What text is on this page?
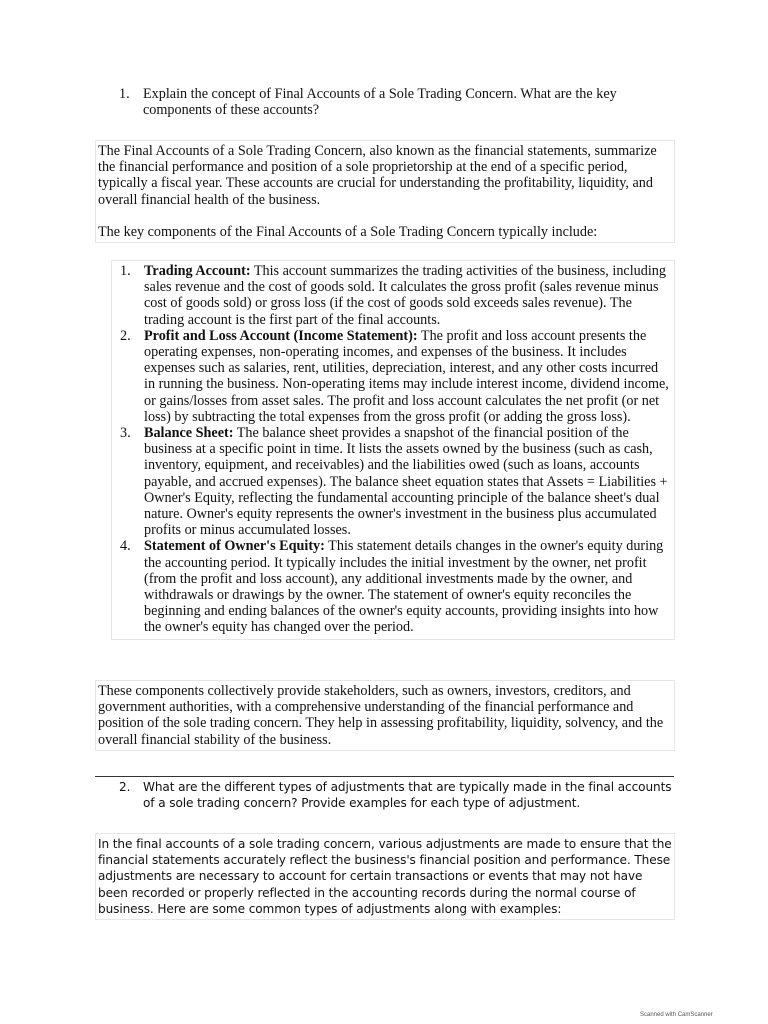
1. Explain the concept of Final Accounts of a Sole Trading Concern. What are the key components of these accounts?

The Final Accounts of a Sole Trading Concern, also known as the financial statements, summarize the financial performance and position of a sole proprietorship at the end of a specific period, typically a fiscal year. These accounts are crucial for understanding the profitability, liquidity, and overall financial health of the business.

The key components of the Final Accounts of a Sole Trading Concern typically include:

1. Trading Account: This account summarizes the trading activities of the business, including sales revenue and the cost of goods sold. It calculates the gross profit (sales revenue minus cost of goods sold) or gross loss (if the cost of goods sold exceeds sales revenue). The trading account is the first part of the final accounts.
2. Profit and Loss Account (Income Statement): The profit and loss account presents the operating expenses, non-operating incomes, and expenses of the business. It includes expenses such as salaries, rent, utilities, depreciation, interest, and any other costs incurred in running the business. Non-operating items may include interest income, dividend income, or gains/losses from asset sales. The profit and loss account calculates the net profit (or net loss) by subtracting the total expenses from the gross profit (or adding the gross loss).
3. Balance Sheet: The balance sheet provides a snapshot of the financial position of the business at a specific point in time. It lists the assets owned by the business (such as cash, inventory, equipment, and receivables) and the liabilities owed (such as loans, accounts payable, and accrued expenses). The balance sheet equation states that Assets = Liabilities + Owner's Equity, reflecting the fundamental accounting principle of the balance sheet's dual nature. Owner's equity represents the owner's investment in the business plus accumulated profits or minus accumulated losses.
4. Statement of Owner's Equity: This statement details changes in the owner's equity during the accounting period. It typically includes the initial investment by the owner, net profit (from the profit and loss account), any additional investments made by the owner, and withdrawals or drawings by the owner. The statement of owner's equity reconciles the beginning and ending balances of the owner's equity accounts, providing insights into how the owner's equity has changed over the period.

These components collectively provide stakeholders, such as owners, investors, creditors, and government authorities, with a comprehensive understanding of the financial performance and position of the sole trading concern. They help in assessing profitability, liquidity, solvency, and the overall financial stability of the business.

2.	What are the different types of adjustments that are typically made in the final accounts of a sole trading concern? Provide examples for each type of adjustment.

In the final accounts of a sole trading concern, various adjustments are made to ensure that the financial statements accurately reflect the business's financial position and performance. These adjustments are necessary to account for certain transactions or events that may not have been recorded or properly reflected in the accounting records during the normal course of business. Here are some common types of adjustments along with examples:

Scanned with CamScanner
